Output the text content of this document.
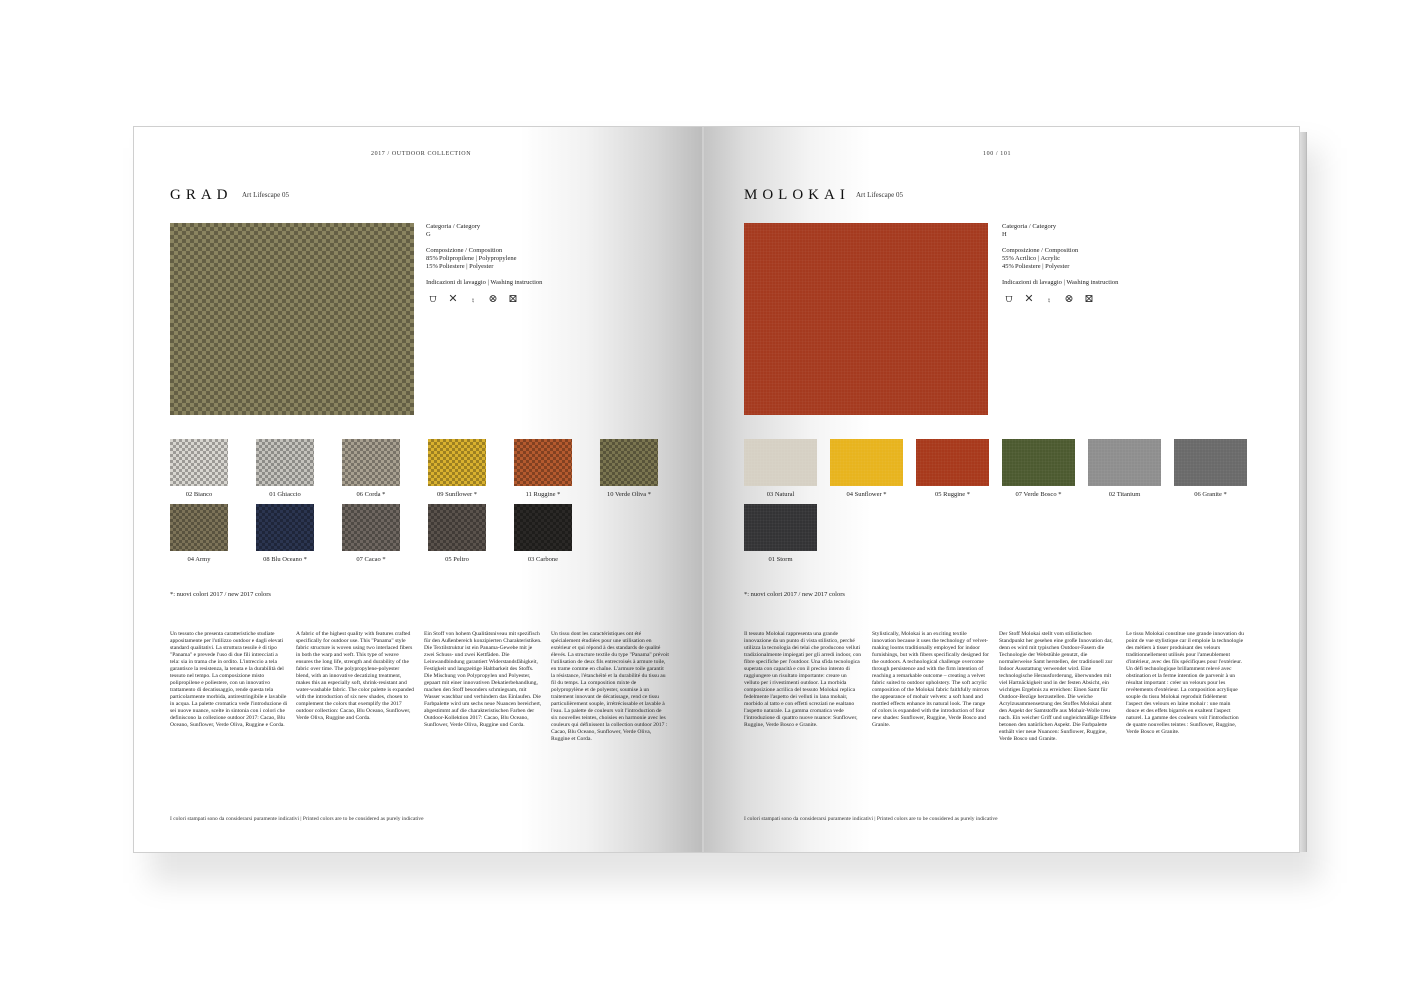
2017 / OUTDOOR COLLECTION
GRAD Art Lifescape 05
Categoria / Category
G
Composizione / Composition
85%Polipropilene | Polypropylene
15%Poliestere | Polyester
Indicazioni di lavaggio | Washing instruction
⩌	✕	⨾	⊗ ⊠
02 Bianco	01 Ghiaccio	06 Corda *	09 Sunflower *	11 Ruggine *	10 Verde Oliva *
04 Army	08 Blu Oceano *	07 Cacao *	05 Peltro	03 Carbone
*: nuovi colori 2017 / new 2017 colors
Un tessuto che presenta caratteristiche studiate appositamente per l'utilizzo outdoor e dagli elevati standard qualitativi. La struttura tessile è di tipo "Panama" e prevede l'uso di due fili intrecciati a tela: sia in trama che in ordito. L'intreccio a tela garantisce la resistenza, la tenuta e la durabilità del tessuto nel tempo. La composizione misto polipropilene e poliestere, con un innovativo trattamento di decatissaggio, rende questa tela particolarmente morbida, antirestringibile e lavabile in acqua. La palette cromatica vede l'introduzione di sei nuove nuance, scelte in sintonia con i colori che definiscono la collezione outdoor 2017: Cacao, Blu Oceano, Sunflower, Verde Oliva, Ruggine e Corda.
A fabric of the highest quality with features crafted specifically for outdoor use. This "Panama" style fabric structure is woven using two interlaced fibers in both the warp and weft. This type of weave ensures the long life, strength and durability of the fabric over time. The polypropylene-polyester blend, with an innovative decatizing treatment, makes this an especially soft, shrink-resistant and water-washable fabric. The color palette is expanded with the introduction of six new shades, chosen to complement the colors that exemplify the 2017 outdoor collection: Cacao, Blu Oceano, Sunflower, Verde Oliva, Ruggine and Corda.
Ein Stoff von hohem Qualitätsniveau mit spezifisch für den Außenbereich konzipierten Charakteristiken. Die Textilstruktur ist ein Panama-Gewebe mit je zwei Schuss- und zwei Kettfäden. Die Leinwandbindung garantiert Widerstandsfähigkeit, Festigkeit und langzeitige Haltbarkeit des Stoffs. Die Mischung von Polypropylen und Polyester, gepaart mit einer innovativen Dekatierbehandlung, machen den Stoff besonders schmiegsam, mit Wasser waschbar und verhindern das Einlaufen. Die Farbpalette wird um sechs neue Nuancen bereichert, abgestimmt auf die charakteristischen Farben der Outdoor-Kollektion 2017: Cacao, Blu Oceano, Sunflower, Verde Oliva, Ruggine und Corda.
Un tissu dont les caractéristiques ont été spécialement étudiées pour une utilisation en extérieur et qui répond à des standards de qualité élevés. La structure textile du type "Panama" prévoit l'utilisation de deux fils entrecroisés à armure toile, en trame comme en chaîne. L'armure toile garantit la résistance, l'étanchéité et la durabilité du tissu au fil du temps. La composition mixte de polypropylène et de polyester, soumise à un traitement innovant de décatissage, rend ce tissu particulièrement souple, irrétrécissable et lavable à l'eau. La palette de couleurs voit l'introduction de six nouvelles teintes, choisies en harmonie avec les couleurs qui définissent la collection outdoor 2017 : Cacao, Blu Oceano, Sunflower, Verde Oliva, Ruggine et Corda.
I colori stampati sono da considerarsi puramente indicativi | Printed colors are to be considered as purely indicative
100 / 101
MOLOKAI Art Lifescape 05
Categoria / Category
H
Composizione / Composition
55%Acrilico | Acrylic
45%Poliestere | Polyester
Indicazioni di lavaggio | Washing instruction
⩌	✕	⨾	⊗ ⊠
03 Natural	04 Sunflower *	05 Ruggine *	07 Verde Bosco *	02 Titanium	06 Granite *
01 Storm
*: nuovi colori 2017 / new 2017 colors
Il tessuto Molokai rappresenta una grande innovazione da un punto di vista stilistico, perché utilizza la tecnologia dei telai che producono velluti tradizionalmente impiegati per gli arredi indoor, con fibre specifiche per l'outdoor. Una sfida tecnologica superata con capacità e con il preciso intento di raggiungere un risultato importante: creare un velluto per i rivestimenti outdoor. La morbida composizione acrilica del tessuto Molokai replica fedelmente l'aspetto dei velluti in lana mohair, morbido al tatto e con effetti screziati ne esaltano l'aspetto naturale. La gamma cromatica vede l'introduzione di quattro nuove nuance: Sunflower, Ruggine, Verde Bosco e Granite.
Stylistically, Molokai is an exciting textile innovation because it uses the technology of velvet-making looms traditionally employed for indoor furnishings, but with fibers specifically designed for the outdoors. A technological challenge overcome through persistence and with the firm intention of reaching a remarkable outcome – creating a velvet fabric suited to outdoor upholstery. The soft acrylic composition of the Molokai fabric faithfully mirrors the appearance of mohair velvets: a soft hand and mottled effects enhance its natural look. The range of colors is expanded with the introduction of four new shades: Sunflower, Ruggine, Verde Bosco and Granite.
Der Stoff Molokai stellt vom stilistischen Standpunkt her gesehen eine große Innovation dar, denn es wird mit typischen Outdoor-Fasern die Technologie der Webstühle genutzt, die normalerweise Samt herstellen, der traditionell zur Indoor Ausstattung verwendet wird. Eine technologische Herausforderung, überwunden mit viel Hartnäckigkeit und in der festen Absicht, ein wichtiges Ergebnis zu erreichen: Einen Samt für Outdoor-Bezüge herzustellen. Die weiche Acrylzusammensetzung des Stoffes Molokai ahmt den Aspekt der Samtstoffe aus Mohair-Wolle treu nach. Ein weicher Griff und ungleichmäßige Effekte betonen den natürlichen Aspekt. Die Farbpalette enthält vier neue Nuancen: Sunflower, Ruggine, Verde Bosco und Granite.
Le tissu Molokai constitue une grande innovation du point de vue stylistique car il emploie la technologie des métiers à tisser produisant des velours traditionnellement utilisés pour l'ameublement d'intérieur, avec des fils spécifiques pour l'extérieur. Un défi technologique brillamment relevé avec obstination et la ferme intention de parvenir à un résultat important : créer un velours pour les revêtements d'extérieur. La composition acrylique souple du tissu Molokai reproduit fidèlement l'aspect des velours en laine mohair : une main douce et des effets bigarrés en exaltent l'aspect naturel. La gamme des couleurs voit l'introduction de quatre nouvelles teintes : Sunflower, Ruggine, Verde Bosco et Granite.
I colori stampati sono da considerarsi puramente indicativi | Printed colors are to be considered as purely indicative
